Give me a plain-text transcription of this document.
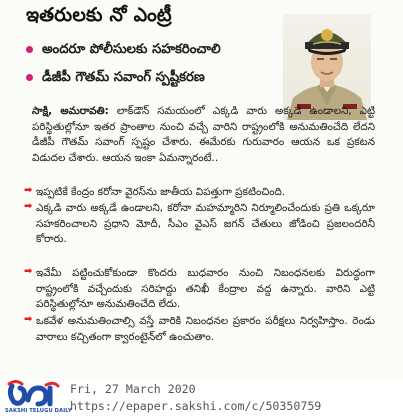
ఇతరులకు నో ఎంట్రీ
అందరూ పోలీసులకు సహకరించాలి
డీజీపీ గౌతమ్‌ సవాంగ్‌ స్పష్టీకరణ
సాక్షి, అమరావతి: లాక్‌డౌన్‌ సమయంలో ఎక్కడి వారు అక్కడే ఉండాలని, ఎట్టి పరిస్థితుల్లోనూ ఇతర ప్రాంతాల నుంచి వచ్చే వారిని రాష్ట్రంలోకి అనుమతించేది లేదని డీజీపీ గౌతమ్‌ సవాంగ్‌ స్పష్టం చేశారు. ఈమేరకు గురువారం ఆయన ఒక ప్రకటన విడుదల చేశారు. ఆయన ఇంకా ఏమన్నారంటే..
➡ ఇప్పటికే కేంద్రం కరోనా వైరస్‌ను జాతీయ విపత్తుగా ప్రకటించింది.
➡ ఎక్కడి వారు అక్కడే ఉండాలని, కరోనా మహమ్మారిని నిర్మూలించేందుకు ప్రతి ఒక్కరూ సహకరించాలని ప్రధాని మోదీ, సీఎం వైఎస్‌ జగన్‌ చేతులు జోడించి ప్రజలందరినీ కోరారు.
➡ ఇవేమీ పట్టించుకోకుండా కొందరు బుధవారం నుంచి నిబంధనలకు విరుద్ధంగా రాష్ట్రంలోకి వచ్చేందుకు సరిహద్దు తనిఖీ కేంద్రాల వద్ద ఉన్నారు. వారిని ఎట్టి పరిస్థితుల్లోనూ అనుమతించేది లేదు.
➡ ఒకవేళ అనుమతించాల్సి వస్తే వారికి నిబంధనల ప్రకారం పరీక్షలు నిర్వహిస్తాం. రెండు వారాలు కచ్చితంగా క్వారంటైన్‌లో ఉంచుతాం.
SAKSHI TELUGU DAILY
Fri, 27 March 2020
https://epaper.sakshi.com/c/50350759
